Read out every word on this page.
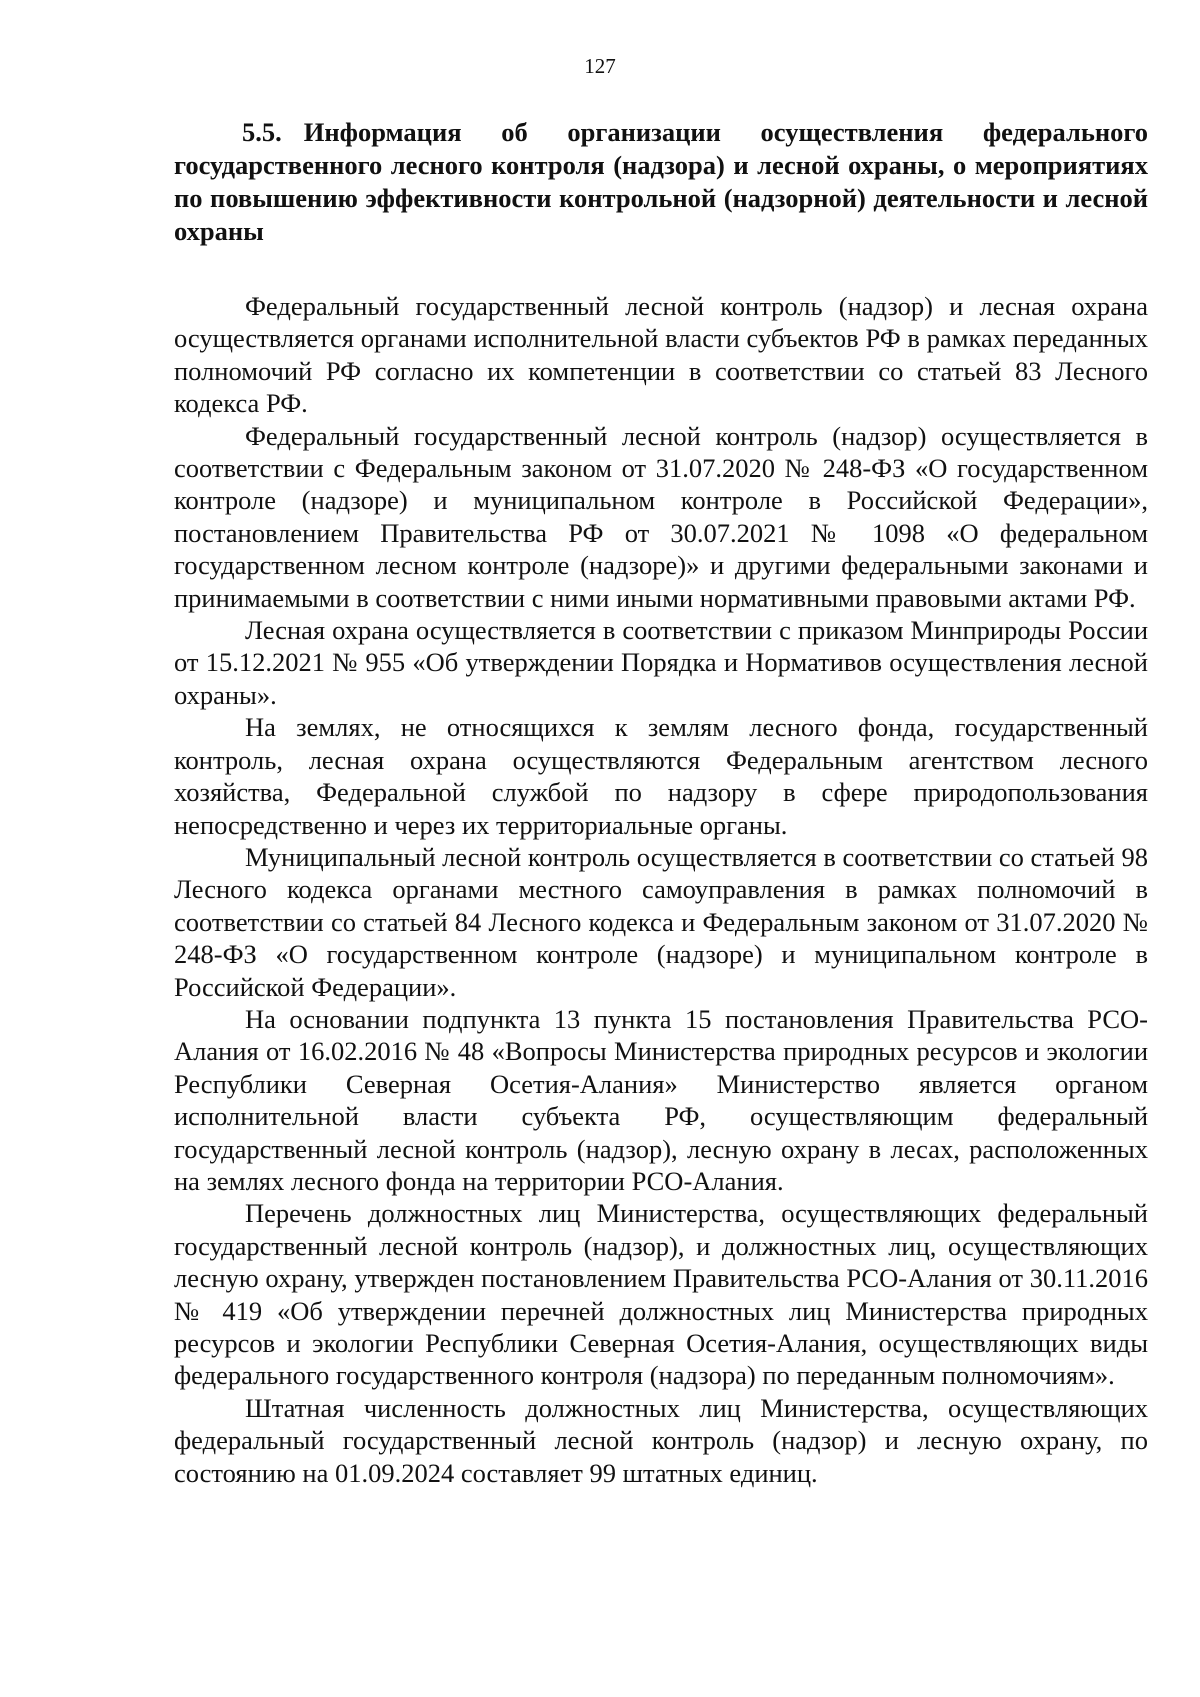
127
5.5. Информация об организации осуществления федерального государственного лесного контроля (надзора) и лесной охраны, о мероприятиях по повышению эффективности контрольной (надзорной) деятельности и лесной охраны

Федеральный государственный лесной контроль (надзор) и лесная охрана осуществляется органами исполнительной власти субъектов РФ в рамках переданных полномочий РФ согласно их компетенции в соответствии со статьей 83 Лесного кодекса РФ.

Федеральный государственный лесной контроль (надзор) осуществляется в соответствии с Федеральным законом от 31.07.2020 № 248-ФЗ «О государственном контроле (надзоре) и муниципальном контроле в Российской Федерации», постановлением Правительства РФ от 30.07.2021 № 1098 «О федеральном государственном лесном контроле (надзоре)» и другими федеральными законами и принимаемыми в соответствии с ними иными нормативными правовыми актами РФ.

Лесная охрана осуществляется в соответствии с приказом Минприроды России от 15.12.2021 № 955 «Об утверждении Порядка и Нормативов осуществления лесной охраны».

На землях, не относящихся к землям лесного фонда, государственный контроль, лесная охрана осуществляются Федеральным агентством лесного хозяйства, Федеральной службой по надзору в сфере природопользования непосредственно и через их территориальные органы.

Муниципальный лесной контроль осуществляется в соответствии со статьей 98 Лесного кодекса органами местного самоуправления в рамках полномочий в соответствии со статьей 84 Лесного кодекса и Федеральным законом от 31.07.2020 № 248-ФЗ «О государственном контроле (надзоре) и муниципальном контроле в Российской Федерации».

На основании подпункта 13 пункта 15 постановления Правительства РСО-Алания от 16.02.2016 № 48 «Вопросы Министерства природных ресурсов и экологии Республики Северная Осетия-Алания» Министерство является органом исполнительной власти субъекта РФ, осуществляющим федеральный государственный лесной контроль (надзор), лесную охрану в лесах, расположенных на землях лесного фонда на территории РСО-Алания.

Перечень должностных лиц Министерства, осуществляющих федеральный государственный лесной контроль (надзор), и должностных лиц, осуществляющих лесную охрану, утвержден постановлением Правительства РСО-Алания от 30.11.2016 № 419 «Об утверждении перечней должностных лиц Министерства природных ресурсов и экологии Республики Северная Осетия-Алания, осуществляющих виды федерального государственного контроля (надзора) по переданным полномочиям».

Штатная численность должностных лиц Министерства, осуществляющих федеральный государственный лесной контроль (надзор) и лесную охрану, по состоянию на 01.09.2024 составляет 99 штатных единиц.
